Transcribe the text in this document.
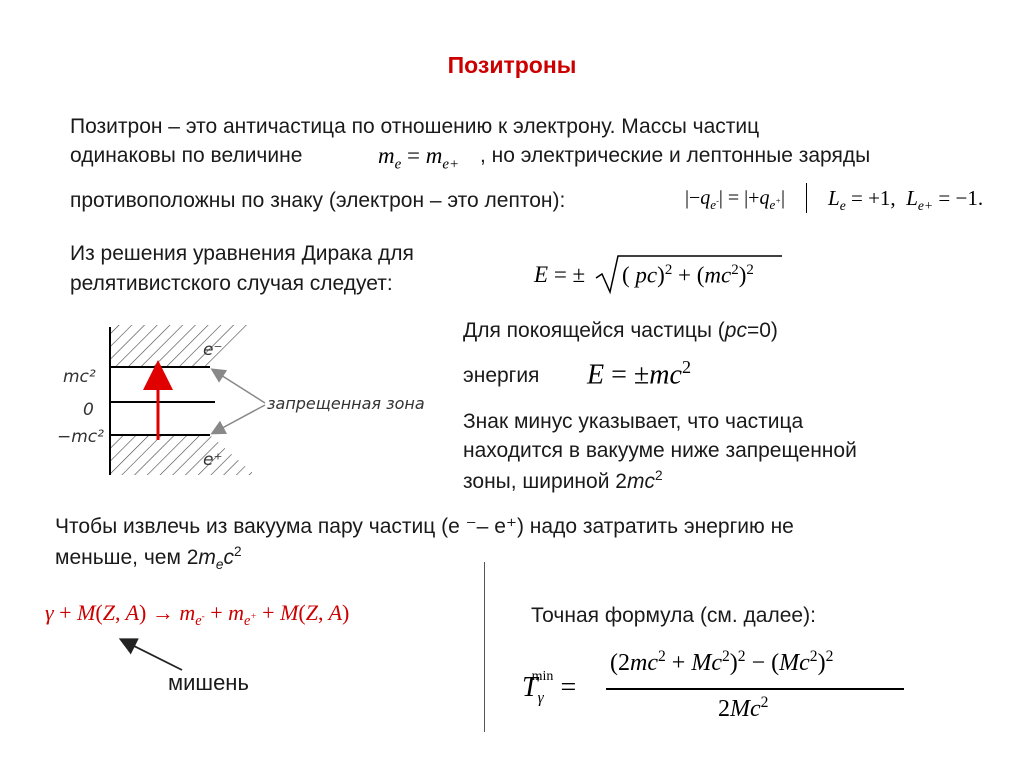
Позитроны
Позитрон – это античастица по отношению к электрону. Массы частиц
одинаковы по величине	$m_e = m_{e+}$ , но электрические и лептонные заряды
противоположны по знаку (электрон – это лептон):	$|-q_{e^-}| = |+q_{e^+}|$ $L_e = +1$,  $L_{e+} = -1$.
Из решения уравнения Дирака для
релятивистского случая следует:	E = ± ( $pc)^2 + (mc^2)^2$
mc²
0
−mc²
e⁻
e⁺
запрещенная зона
Для покоящейся частицы (pc=0)
энергия $E = \pm mc^2$
Знак минус указывает, что частица
находится в вакууме ниже запрещенной
зоны, шириной $2mc^2$
Чтобы извлечь из вакуума пару частиц (е ⁻– е⁺) надо затратить энергию не
меньше, чем $2m_ec^2$
γ + M(Z, $A) \to m_{e^-} + m_{e^+} + M(Z$, A)
мишень
Точная формула (см. далее):
$T_\gamma^{min}$ =
$(2mc^2 + Mc^2)^2 - (Mc^2)^2$
2Mc$^2$
